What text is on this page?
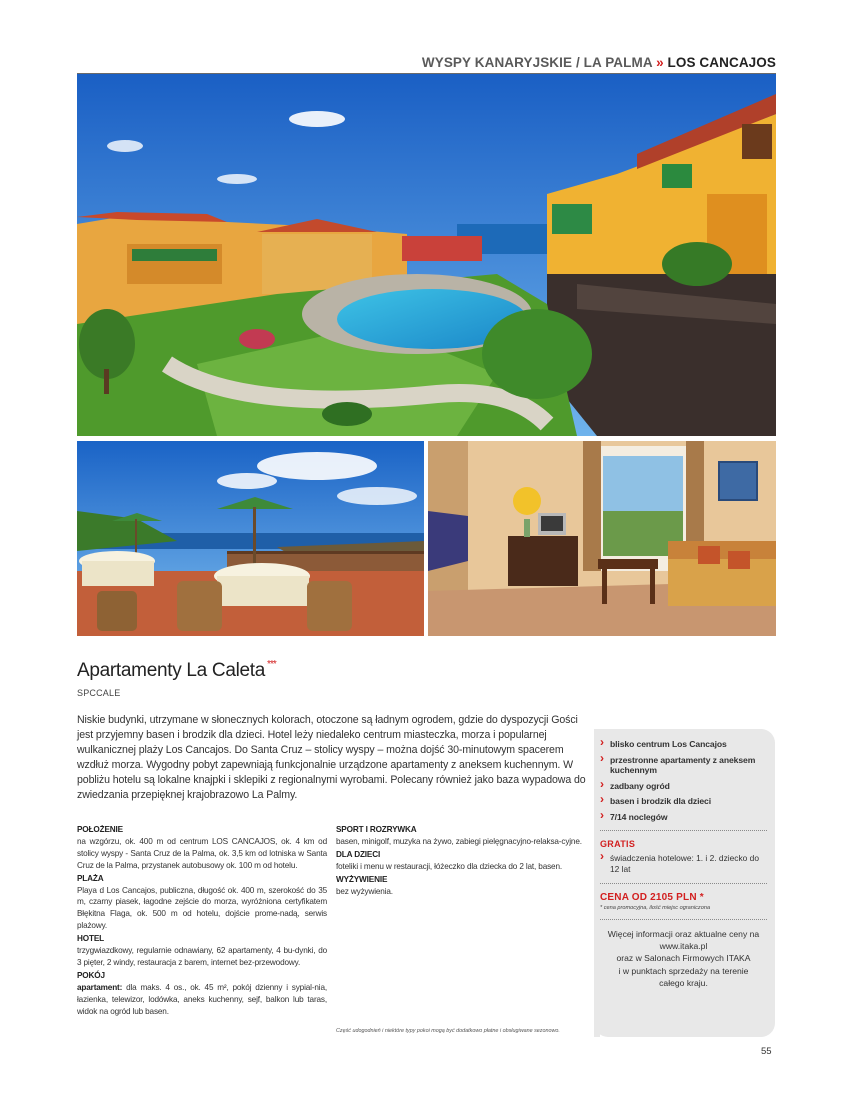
WYSPY KANARYJSKIE / LA PALMA » LOS CANCAJOS
Apartamenty La Caleta ***
SPCCALE
Niskie budynki, utrzymane w słonecznych kolorach, otoczone są ładnym ogrodem, gdzie do dyspozycji Gości jest przyjemny basen i brodzik dla dzieci. Hotel leży niedaleko centrum miasteczka, morza i popularnej wulkanicznej plaży Los Cancajos. Do Santa Cruz – stolicy wyspy – można dojść 30-minutowym spacerem wzdłuż morza. Wygodny pobyt zapewniają funkcjonalnie urządzone apartamenty z aneksem kuchennym. W pobliżu hotelu są lokalne knajpki i sklepiki z regionalnymi wyrobami. Polecany również jako baza wypadowa do zwiedzania przepięknej krajobrazowo La Palmy.
POŁOŻENIE

na wzgórzu, ok. 400 m od centrum LOS CANCAJOS, ok. 4 km od stolicy wyspy - Santa Cruz de la Palma, ok. 3,5 km od lotniska w Santa Cruz de la Palma, przystanek autobusowy ok. 100 m od hotelu.

PLAŻA

Playa d Los Cancajos, publiczna, długość ok. 400 m, szerokość do 35 m, czarny piasek, łagodne zejście do morza, wyróżniona certyfikatem Błękitna Flaga, ok. 500 m od hotelu, dojście prome-nadą, serwis plażowy.

HOTEL

trzygwiazdkowy, regularnie odnawiany, 62 apartamenty, 4 bu-dynki, do 3 pięter, 2 windy, restauracja z barem, internet bez-przewodowy.

POKÓJ

apartament: dla maks. 4 os., ok. 45 m², pokój dzienny i sypial-nia, łazienka, telewizor, lodówka, aneks kuchenny, sejf, balkon lub taras, widok na ogród lub basen.

SPORT I ROZRYWKA

basen, minigolf, muzyka na żywo, zabiegi pielęgnacyjno-relaksa-cyjne.

DLA DZIECI

foteliki i menu w restauracji, łóżeczko dla dziecka do 2 lat, basen.

WYŻYWIENIE

bez wyżywienia.

Część udogodnień i niektóre typy pokoi mogą być dodatkowo płatne i obsługiwane sezonowo.
› blisko centrum Los Cancajos
› przestronne apartamenty z aneksem kuchennym
› zadbany ogród
› basen i brodzik dla dzieci
› 7/14 noclegów
GRATIS
› świadczenia hotelowe: 1. i 2. dziecko do 12 lat
CENA OD 2105 PLN *
* cena promocyjna, ilość miejsc ograniczona
Więcej informacji oraz aktualne ceny na
www.itaka.pl
oraz w Salonach Firmowych ITAKA
i w punktach sprzedaży na terenie
całego kraju.
55
